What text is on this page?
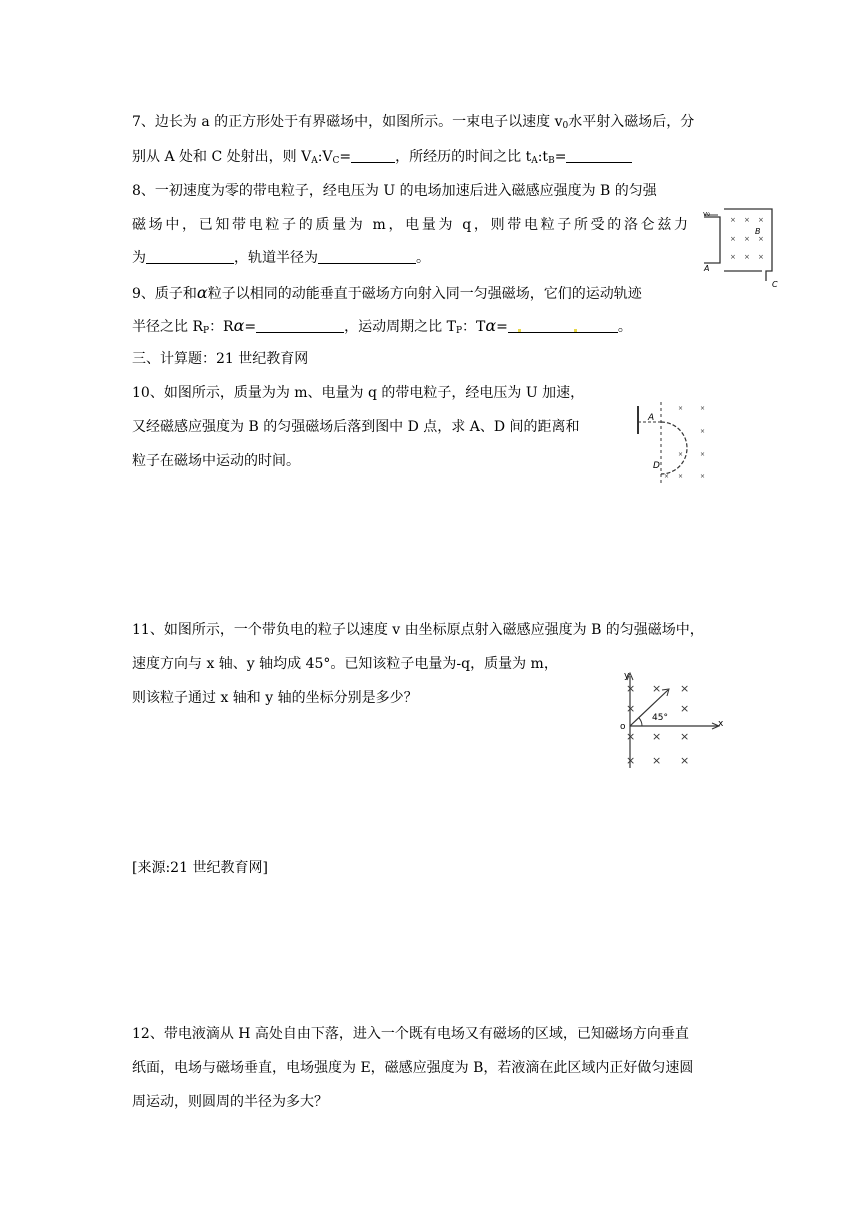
7、边长为 a 的正方形处于有界磁场中，如图所示。一束电子以速度 $v_0$水平射入磁场后，分
别从 A 处和 C 处射出，则 $V_A:V_C=$	，所经历的时间之比 $t_A:t_B=$
8、一初速度为零的带电粒子，经电压为 U 的电场加速后进入磁感应强度为 B 的匀强
磁场中，已知带电粒子的质量为 m，电量为 q，则带电粒子所受的洛仑兹力
为	，轨道半径为	。
v₀
× × ×
× × ×
× × ×
B
A
C
9、质子和α粒子以相同的动能垂直于磁场方向射入同一匀强磁场，它们的运动轨迹
半径之比 $R_P$：Rα=	，运动周期之比 $T_P$：Tα=	。
三、计算题：21 世纪教育网
10、如图所示，质量为为 m、电量为 q 的带电粒子，经电压为 U 加速，
又经磁感应强度为 B 的匀强磁场后落到图中 D 点，求 A、D 间的距离和
粒子在磁场中运动的时间。
A
D
×	×
×
×	×
× ×	×
11、如图所示，一个带负电的粒子以速度 v 由坐标原点射入磁感应强度为 B 的匀强磁场中，
速度方向与 x 轴、y 轴均成 45°。已知该粒子电量为-q，质量为 m，
则该粒子通过 x 轴和 y 轴的坐标分别是多少？
y
x
o
45°
× × ×
×	×
× × ×
× × ×
[来源:21 世纪教育网]
12、带电液滴从 H 高处自由下落，进入一个既有电场又有磁场的区域，已知磁场方向垂直
纸面，电场与磁场垂直，电场强度为 E，磁感应强度为 B，若液滴在此区域内正好做匀速圆
周运动，则圆周的半径为多大？
